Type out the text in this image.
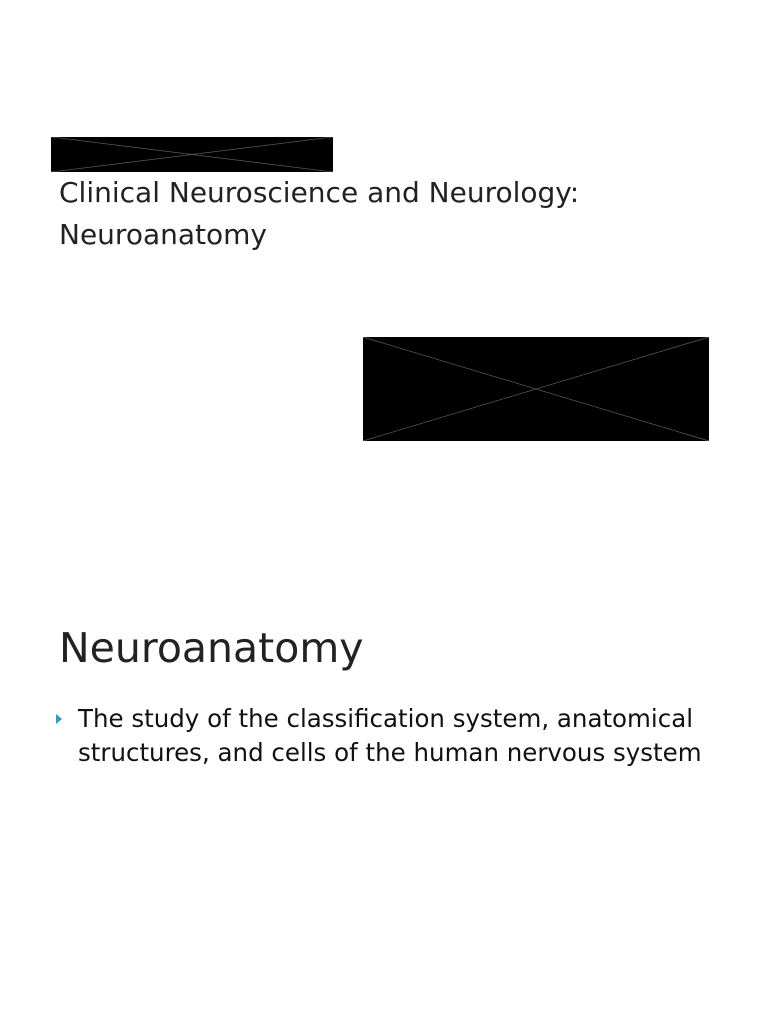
Clinical Neuroscience and Neurology: Neuroanatomy
Neuroanatomy
The study of the classification system, anatomical structures, and cells of the human nervous system
